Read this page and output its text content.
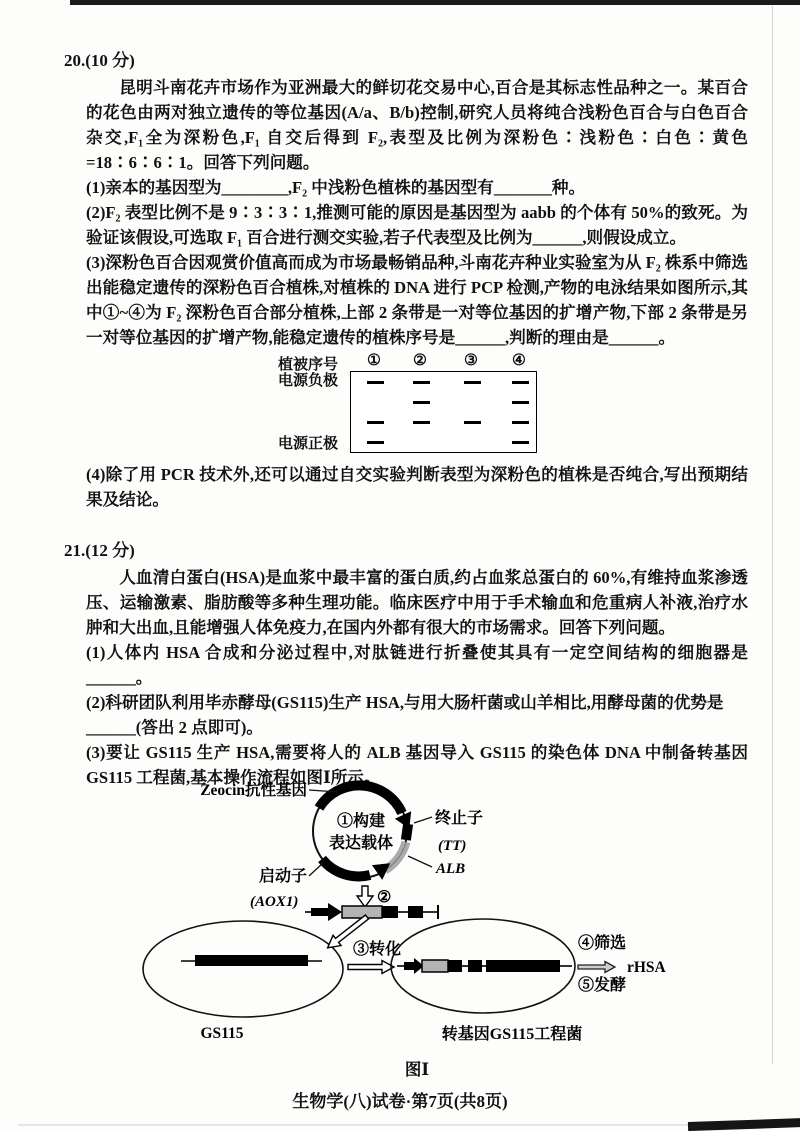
20.(10 分)

昆明斗南花卉市场作为亚洲最大的鲜切花交易中心,百合是其标志性品种之一。某百合的花色由两对独立遗传的等位基因(A/a、B/b)控制,研究人员将纯合浅粉色百合与白色百合杂交,F₁全为深粉色,F₁ 自交后得到 F₂,表型及比例为深粉色∶浅粉色∶白色∶黄色=18∶6∶6∶1。回答下列问题。

(1)亲本的基因型为________,F₂ 中浅粉色植株的基因型有_______种。

(2)F₂ 表型比例不是 9∶3∶3∶1,推测可能的原因是基因型为 aabb 的个体有 50%的致死。为验证该假设,可选取 F₁ 百合进行测交实验,若子代表型及比例为______,则假设成立。

(3)深粉色百合因观赏价值高而成为市场最畅销品种,斗南花卉种业实验室为从 F₂ 株系中筛选出能稳定遗传的深粉色百合植株,对植株的 DNA 进行 PCP 检测,产物的电泳结果如图所示,其中①~④为 F₂ 深粉色百合部分植株,上部 2 条带是一对等位基因的扩增产物,下部 2 条带是另一对等位基因的扩增产物,能稳定遗传的植株序号是______,判断的理由是______。

植被序号
电源负极
电源正极
① ② ③ ④

(4)除了用 PCR 技术外,还可以通过自交实验判断表型为深粉色的植株是否纯合,写出预期结果及结论。

21.(12 分)

人血清白蛋白(HSA)是血浆中最丰富的蛋白质,约占血浆总蛋白的 60%,有维持血浆渗透压、运输激素、脂肪酸等多种生理功能。临床医疗中用于手术输血和危重病人补液,治疗水肿和大出血,且能增强人体免疫力,在国内外都有很大的市场需求。回答下列问题。

(1)人体内 HSA 合成和分泌过程中,对肽链进行折叠使其具有一定空间结构的细胞器是______。

(2)科研团队利用毕赤酵母(GS115)生产 HSA,与用大肠杆菌或山羊相比,用酵母菌的优势是

______(答出 2 点即可)。

(3)要让 GS115 生产 HSA,需要将人的 ALB 基因导入 GS115 的染色体 DNA 中制备转基因 GS115 工程菌,基本操作流程如图Ⅰ所示。

Zeocin抗性基因
①构建
表达载体
终止子
(TT)
ALB
启动子
(AOX1)	②
GS115
③转化
转基因GS115工程菌
④筛选
rHSA
⑤发酵

图Ⅰ

生物学(八)试卷·第7页(共8页)
